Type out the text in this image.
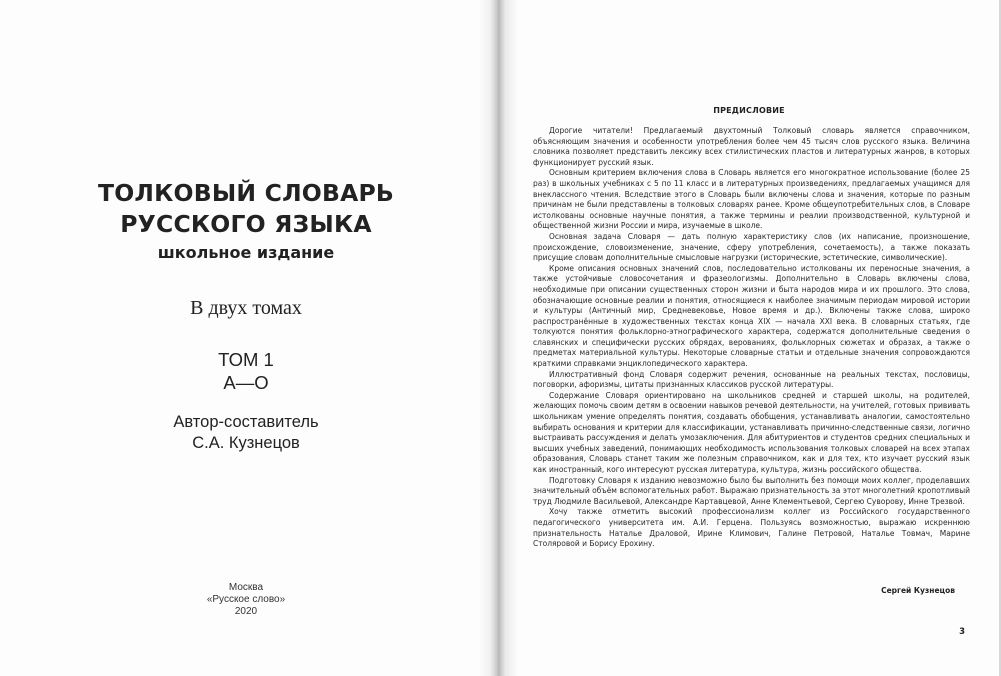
ТОЛКОВЫЙ СЛОВАРЬ
РУССКОГО ЯЗЫКА
школьное издание
В двух томах
ТОМ 1
А—О
Автор-составитель
С.А. Кузнецов
Москва
«Русское слово»
2020
ПРЕДИСЛОВИЕ

Дорогие читатели! Предлагаемый двухтомный Толковый словарь является справочником, объясняющим значения и особенности употребления более чем 45 тысяч слов русского языка. Величина словника позволяет представить лексику всех стилистических пластов и литературных жанров, в которых функционирует русский язык.

Основным критерием включения слова в Словарь является его многократное использование (более 25 раз) в школьных учебниках с 5 по 11 класс и в литературных произведениях, предлагаемых учащимся для внеклассного чтения. Вследствие этого в Словарь были включены слова и значения, которые по разным причинам не были представлены в толковых словарях ранее. Кроме общеупотребительных слов, в Словаре истолкованы основные научные понятия, а также термины и реалии производственной, культурной и общественной жизни России и мира, изучаемые в школе.

Основная задача Словаря — дать полную характеристику слов (их написание, произношение, происхождение, словоизменение, значение, сферу употребления, сочетаемость), а также показать присущие словам дополнительные смысловые нагрузки (исторические, эстетические, символические).

Кроме описания основных значений слов, последовательно истолкованы их переносные значения, а также устойчивые словосочетания и фразеологизмы. Дополнительно в Словарь включены слова, необходимые при описании существенных сторон жизни и быта народов мира и их прошлого. Это слова, обозначающие основные реалии и понятия, относящиеся к наиболее значимым периодам мировой истории и культуры (Античный мир, Средневековье, Новое время и др.). Включены также слова, широко распространённые в художественных текстах конца XIX — начала XXI века. В словарных статьях, где толкуются понятия фольклорно-этнографического характера, содержатся дополнительные сведения о славянских и специфически русских обрядах, верованиях, фольклорных сюжетах и образах, а также о предметах материальной культуры. Некоторые словарные статьи и отдельные значения сопровождаются краткими справками энциклопедического характера.

Иллюстративный фонд Словаря содержит речения, основанные на реальных текстах, пословицы, поговорки, афоризмы, цитаты признанных классиков русской литературы.

Содержание Словаря ориентировано на школьников средней и старшей школы, на родителей, желающих помочь своим детям в освоении навыков речевой деятельности, на учителей, готовых прививать школьникам умение определять понятия, создавать обобщения, устанавливать аналогии, самостоятельно выбирать основания и критерии для классификации, устанавливать причинно-следственные связи, логично выстраивать рассуждения и делать умозаключения. Для абитуриентов и студентов средних специальных и высших учебных заведений, понимающих необходимость использования толковых словарей на всех этапах образования, Словарь станет таким же полезным справочником, как и для тех, кто изучает русский язык как иностранный, кого интересуют русская литература, культура, жизнь российского общества.

Подготовку Словаря к изданию невозможно было бы выполнить без помощи моих коллег, проделавших значительный объём вспомогательных работ. Выражаю признательность за этот многолетний кропотливый труд Людмиле Васильевой, Александре Картавцевой, Анне Клементьевой, Сергею Суворову, Инне Трезвой.

Хочу также отметить высокий профессионализм коллег из Российского государственного педагогического университета им. А.И. Герцена. Пользуясь возможностью, выражаю искреннюю признательность Наталье Драловой, Ирине Климович, Галине Петровой, Наталье Товмач, Марине Столяровой и Борису Ерохину.

Сергей Кузнецов
3
